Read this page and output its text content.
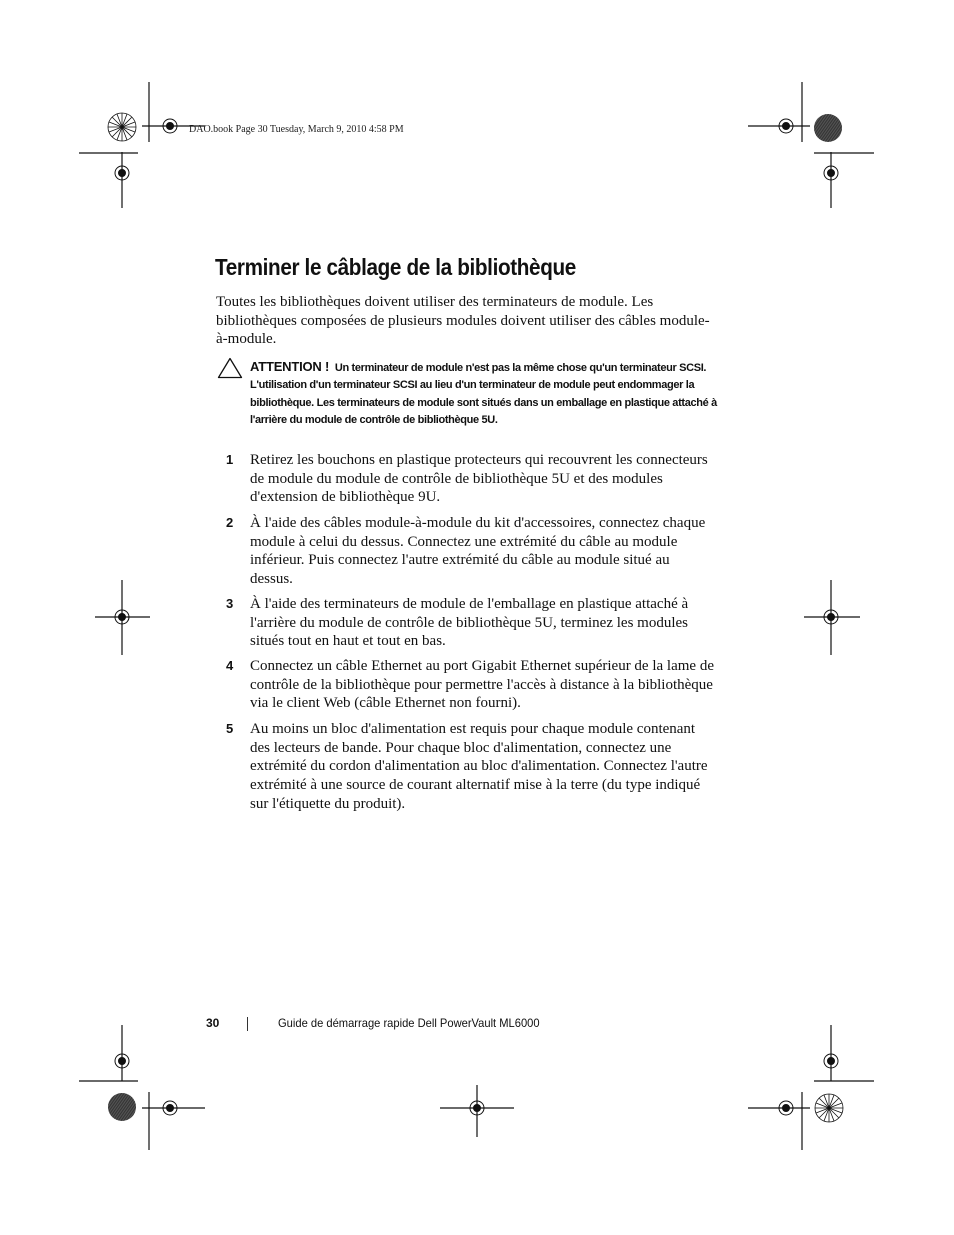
DAO.book Page 30 Tuesday, March 9, 2010 4:58 PM
Terminer le câblage de la bibliothèque

Toutes les bibliothèques doivent utiliser des terminateurs de module. Les bibliothèques composées de plusieurs modules doivent utiliser des câbles module-à-module.

ATTENTION ! Un terminateur de module n'est pas la même chose qu'un terminateur SCSI. L'utilisation d'un terminateur SCSI au lieu d'un terminateur de module peut endommager la bibliothèque. Les terminateurs de module sont situés dans un emballage en plastique attaché à l'arrière du module de contrôle de bibliothèque 5U.

1 Retirez les bouchons en plastique protecteurs qui recouvrent les connecteurs de module du module de contrôle de bibliothèque 5U et des modules d'extension de bibliothèque 9U.
2 À l'aide des câbles module-à-module du kit d'accessoires, connectez chaque module à celui du dessus. Connectez une extrémité du câble au module inférieur. Puis connectez l'autre extrémité du câble au module situé au dessus.
3 À l'aide des terminateurs de module de l'emballage en plastique attaché à l'arrière du module de contrôle de bibliothèque 5U, terminez les modules situés tout en haut et tout en bas.
4 Connectez un câble Ethernet au port Gigabit Ethernet supérieur de la lame de contrôle de la bibliothèque pour permettre l'accès à distance à la bibliothèque via le client Web (câble Ethernet non fourni).
5 Au moins un bloc d'alimentation est requis pour chaque module contenant des lecteurs de bande. Pour chaque bloc d'alimentation, connectez une extrémité du cordon d'alimentation au bloc d'alimentation. Connectez l'autre extrémité à une source de courant alternatif mise à la terre (du type indiqué sur l'étiquette du produit).
30	Guide de démarrage rapide Dell PowerVault ML6000
